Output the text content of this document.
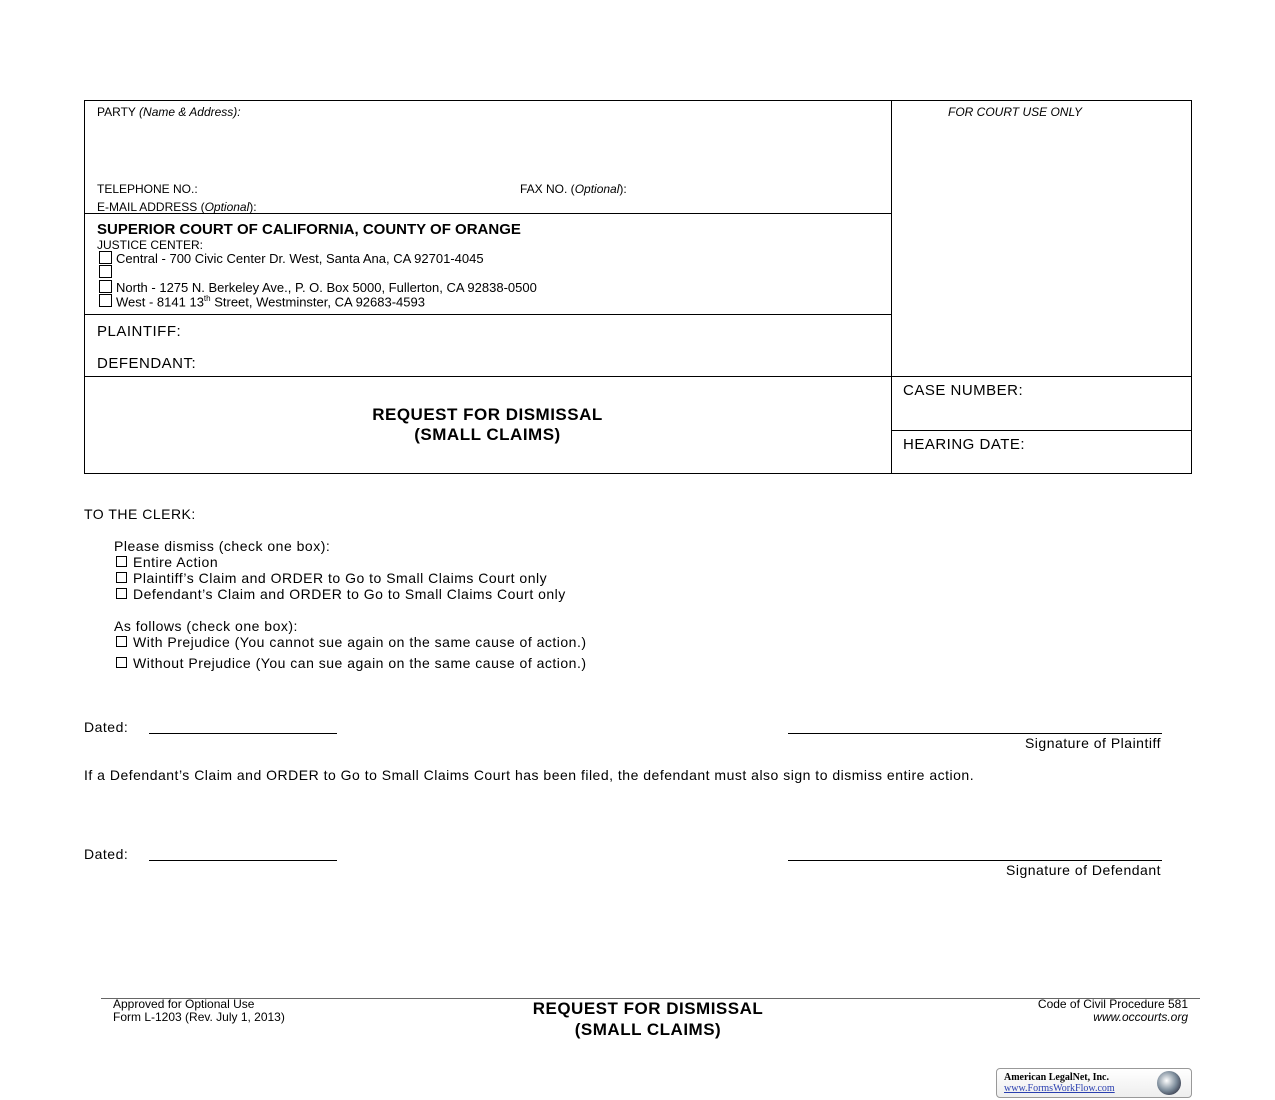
PARTY (Name & Address):
TELEPHONE NO.:	FAX NO. (Optional):
E-MAIL ADDRESS (Optional):
FOR COURT USE ONLY
SUPERIOR COURT OF CALIFORNIA, COUNTY OF ORANGE
JUSTICE CENTER:
Central - 700 Civic Center Dr. West, Santa Ana, CA 92701-4045
North - 1275 N. Berkeley Ave., P. O. Box 5000, Fullerton, CA 92838-0500
West - 8141 13th Street, Westminster, CA 92683-4593
PLAINTIFF:
DEFENDANT:
REQUEST FOR DISMISSAL
(SMALL CLAIMS)
CASE NUMBER:
HEARING DATE:
TO THE CLERK:
Please dismiss (check one box):
Entire Action
Plaintiff’s Claim and ORDER to Go to Small Claims Court only
Defendant’s Claim and ORDER to Go to Small Claims Court only
As follows (check one box):
With Prejudice (You cannot sue again on the same cause of action.)
Without Prejudice (You can sue again on the same cause of action.)
Dated:
Signature of Plaintiff
If a Defendant’s Claim and ORDER to Go to Small Claims Court has been filed, the defendant must also sign to dismiss entire action.
Dated:
Signature of Defendant
Approved for Optional Use
Form L-1203 (Rev. July 1, 2013)	REQUEST FOR DISMISSAL
(SMALL CLAIMS)
Code of Civil Procedure 581
www.occourts.org
American LegalNet, Inc.
www.FormsWorkFlow.com
